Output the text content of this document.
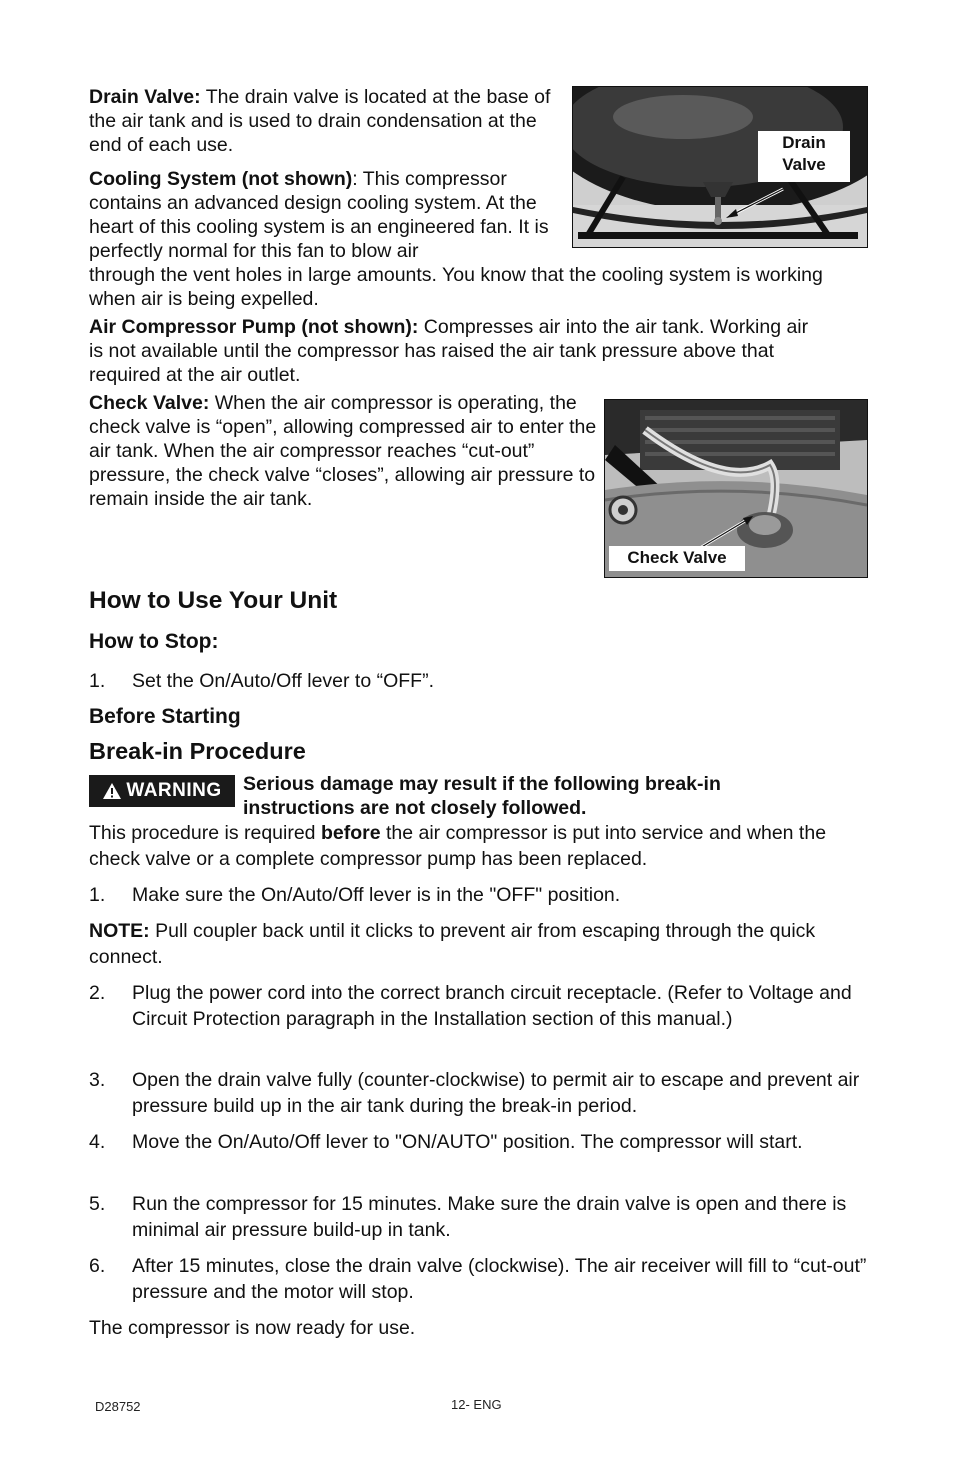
Drain Valve: The drain valve is located at the base of the air tank and is used to drain condensation at the end of each use.

Cooling System (not shown): This compressor contains an advanced design cooling system. At the heart of this cooling system is an engineered fan. It is perfectly normal for this fan to blow air

through the vent holes in large amounts. You know that the cooling system is working when air is being expelled.

Air Compressor Pump (not shown): Compresses air into the air tank. Working air is not available until the compressor has raised the air tank pressure above that required at the air outlet.

Check Valve: When the air compressor is operating, the check valve is “open”, allowing compressed air to enter the air tank. When the air compressor reaches “cut-out” pressure, the check valve “closes”, allowing air pressure to remain inside the air tank.

Drain
Valve
Check Valve
How to Use Your Unit
How to Stop:
1.	Set the On/Auto/Off lever to “OFF”.
Before Starting
Break-in Procedure
WARNING Serious damage may result if the following break-in
instructions are not closely followed.

This procedure is required before the air compressor is put into service and when the check valve or a complete compressor pump has been replaced.

1.	Make sure the On/Auto/Off lever is in the "OFF" position.

NOTE: Pull coupler back until it clicks to prevent air from escaping through the quick connect.

2.	Plug the power cord into the correct branch circuit receptacle. (Refer to Voltage and Circuit Protection paragraph in the Installation section of this manual.)
3.	Open the drain valve fully (counter-clockwise) to permit air to escape and prevent air pressure build up in the air tank during the break-in period.
4.	Move the On/Auto/Off lever to "ON/AUTO" position. The compressor will start.
5.	Run the compressor for 15 minutes. Make sure the drain valve is open and there is minimal air pressure build-up in tank.
6.	After 15 minutes, close the drain valve (clockwise). The air receiver will fill to “cut-out” pressure and the motor will stop.

The compressor is now ready for use.

D28752	12- ENG
